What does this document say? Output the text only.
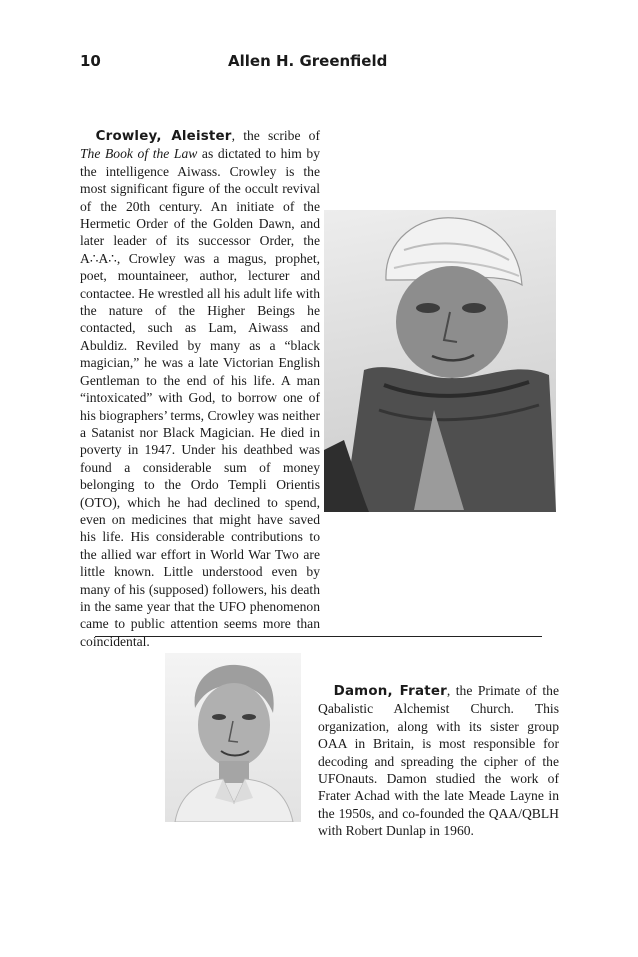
10	Allen H. Greenfield

Crowley, Aleister, the scribe of The Book of the Law as dictated to him by the intelligence Aiwass. Crowley is the most significant figure of the occult revival of the 20th century. An initiate of the Hermetic Order of the Golden Dawn, and later leader of its successor Order, the A∴A∴, Crowley was a magus, prophet, poet, mountaineer, author, lecturer and contactee. He wrestled all his adult life with the nature of the Higher Beings he contacted, such as Lam, Aiwass and Abuldiz. Reviled by many as a “black magician,” he was a late Victorian English Gentleman to the end of his life. A man “intoxicated” with God, to borrow one of his biographers’ terms, Crowley was neither a Satanist nor Black Magician. He died in poverty in 1947. Under his deathbed was found a considerable sum of money belonging to the Ordo Templi Orientis (OTO), which he had declined to spend, even on medicines that might have saved his life. His considerable contributions to the allied war effort in World War Two are little known. Little understood even by many of his (supposed) followers, his death in the same year that the UFO phenomenon came to public attention seems more than coincidental.

Damon, Frater, the Primate of the Qabalistic Alchemist Church. This organization, along with its sister group OAA in Britain, is most responsible for decoding and spreading the cipher of the UFOnauts. Damon studied the work of Frater Achad with the late Meade Layne in the 1950s, and co-founded the QAA/QBLH with Robert Dunlap in 1960.
